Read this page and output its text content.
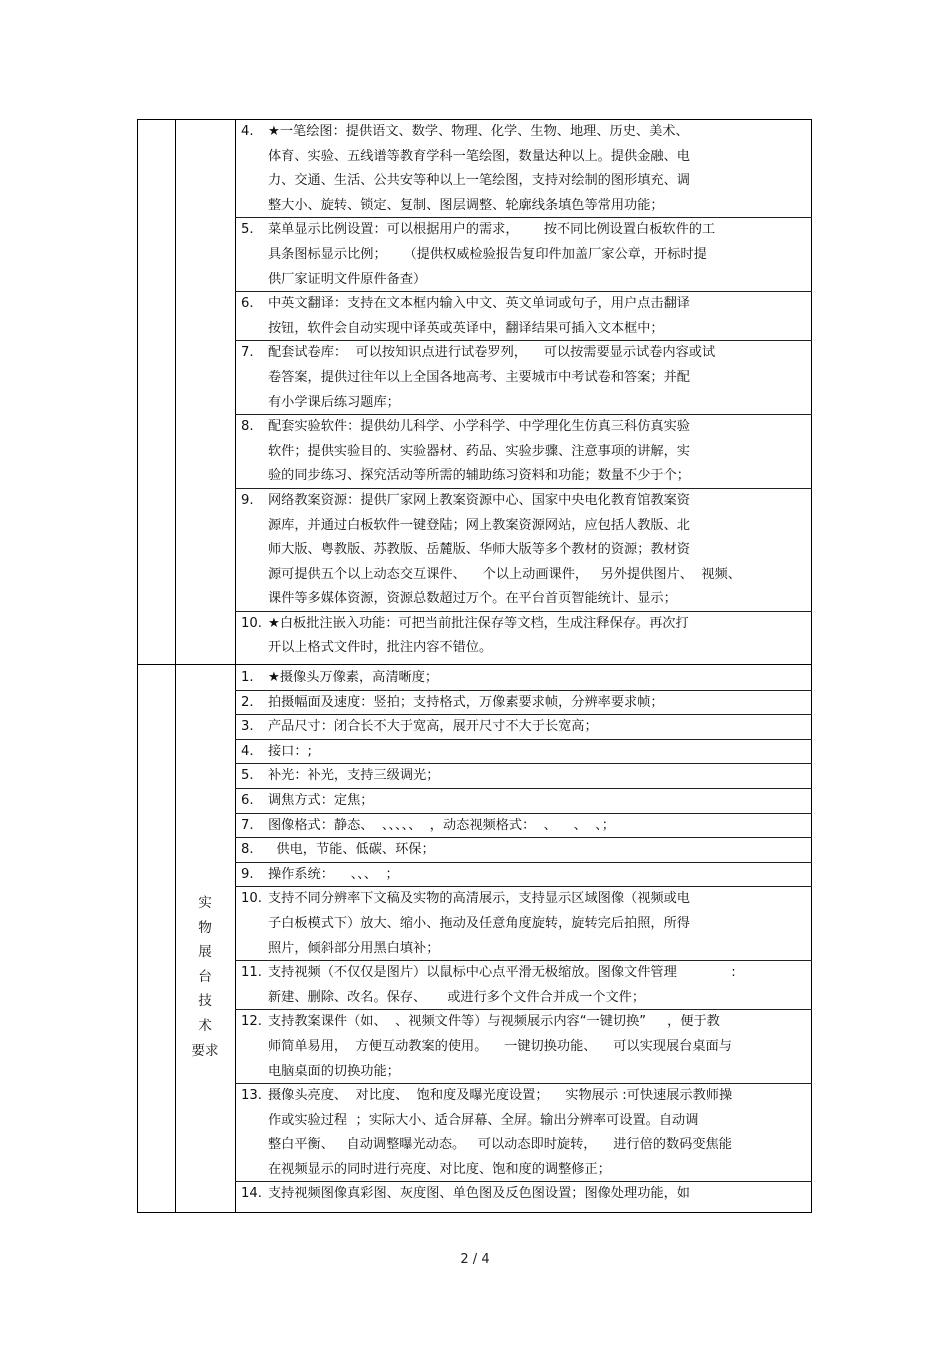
4. ★一笔绘图：提供语文、数学、物理、化学、生物、地理、历史、美术、
体育、实验、五线谱等教育学科一笔绘图，数量达种以上。提供金融、电
力、交通、生活、公共安等种以上一笔绘图，支持对绘制的图形填充、调
整大小、旋转、锁定、复制、图层调整、轮廓线条填色等常用功能；
5. 菜单显示比例设置：可以根据用户的需求，      按不同比例设置白板软件的工
具条图标显示比例；    （提供权威检验报告复印件加盖厂家公章，开标时提
供厂家证明文件原件备查）
6. 中英文翻译：支持在文本框内输入中文、英文单词或句子，用户点击翻译
按钮，软件会自动实现中译英或英译中，翻译结果可插入文本框中；
7. 配套试卷库：  可以按知识点进行试卷罗列，    可以按需要显示试卷内容或试
卷答案，提供过往年以上全国各地高考、主要城市中考试卷和答案；并配
有小学课后练习题库；
8. 配套实验软件：提供幼儿科学、小学科学、中学理化生仿真三科仿真实验
软件；提供实验目的、实验器材、药品、实验步骤、注意事项的讲解，实
验的同步练习、探究活动等所需的辅助练习资料和功能；数量不少于个；
9. 网络教案资源：提供厂家网上教案资源中心、国家中央电化教育馆教案资
源库，并通过白板软件一键登陆；网上教案资源网站，应包括人教版、北
师大版、粤教版、苏教版、岳麓版、华师大版等多个教材的资源；教材资
源可提供五个以上动态交互课件、    个以上动画课件，   另外提供图片、  视频、
课件等多媒体资源，资源总数超过万个。在平台首页智能统计、显示；
10. ★白板批注嵌入功能：可把当前批注保存等文档，生成注释保存。再次打
开以上格式文件时，批注内容不错位。
实 物
展 台
技 术
要求
1. ★摄像头万像素，高清晰度；
2. 拍摄幅面及速度：竖拍；支持格式，万像素要求帧，分辨率要求帧；
3. 产品尺寸：闭合长不大于宽高，展开尺寸不大于长宽高；
4. 接口：;
5. 补光：补光，支持三级调光；
6. 调焦方式：定焦；
7. 图像格式：静态、  、、、、、  ，动态视频格式：  、    、  、；
8. 供电，节能、低碳、环保；
9. 操作系统：    、、、  ；
10. 支持不同分辨率下文稿及实物的高清展示，支持显示区域图像（视频或电
子白板模式下）放大、缩小、拖动及任意角度旋转，旋转完后拍照，所得
照片，倾斜部分用黑白填补；
11. 支持视频（不仅仅是图片）以鼠标中心点平滑无极缩放。图像文件管理             :
新建、删除、改名。保存、     或进行多个文件合并成一个文件；
12. 支持教案课件（如、  、视频文件等）与视频展示内容“一键切换”     ，便于教
师简单易用，  方便互动教案的使用。    一键切换功能、    可以实现展台桌面与
电脑桌面的切换功能；
13. 摄像头亮度、  对比度、  饱和度及曝光度设置；    实物展示 :可快速展示教师操
作或实验过程  ；实际大小、适合屏幕、全屏。输出分辨率可设置。自动调
整白平衡、   自动调整曝光动态。   可以动态即时旋转，    进行倍的数码变焦能
在视频显示的同时进行亮度、对比度、饱和度的调整修正；
14. 支持视频图像真彩图、灰度图、单色图及反色图设置；图像处理功能，如
2 / 4
